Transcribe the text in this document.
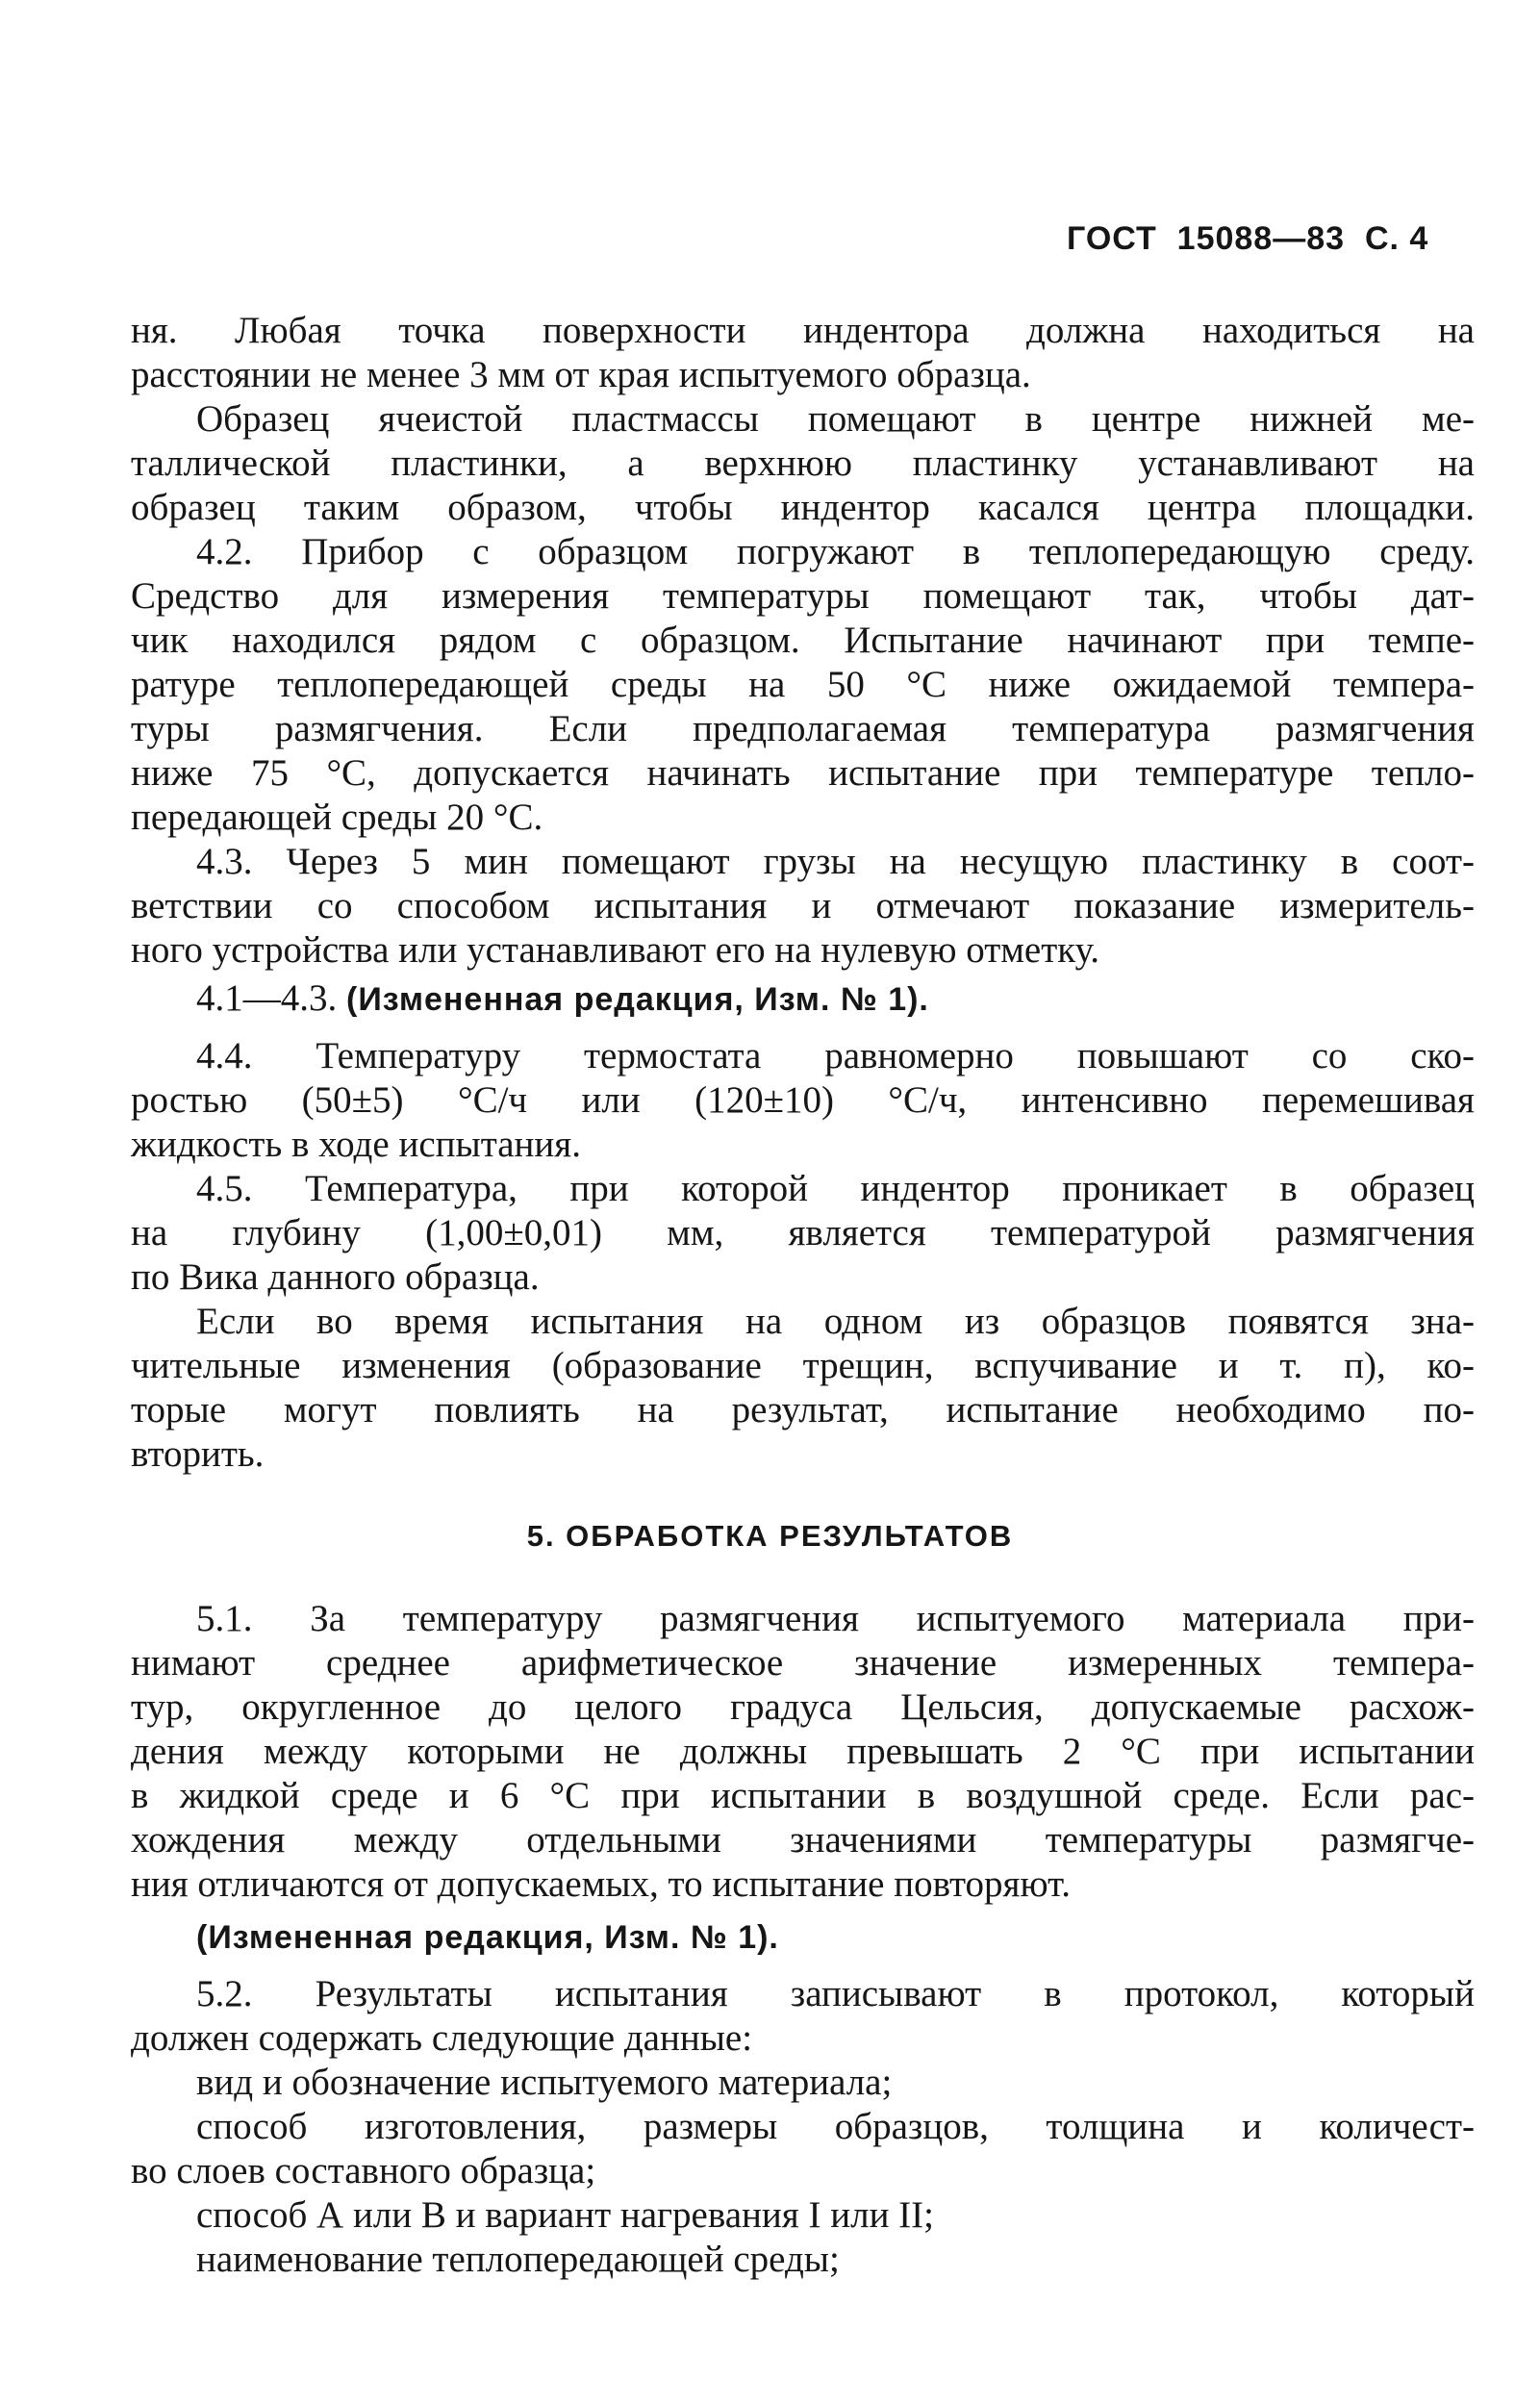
ГОСТ 15088—83 С. 4
ня. Любая точка поверхности индентора должна находиться на
расстоянии не менее 3 мм от края испытуемого образца.
Образец ячеистой пластмассы помещают в центре нижней ме-
таллической пластинки, а верхнюю пластинку устанавливают на
образец таким образом, чтобы индентор касался центра площадки.
4.2. Прибор с образцом погружают в теплопередающую среду.
Средство для измерения температуры помещают так, чтобы дат-
чик находился рядом с образцом. Испытание начинают при темпе-
ратуре теплопередающей среды на 50 °С ниже ожидаемой темпера-
туры размягчения. Если предполагаемая температура размягчения
ниже 75 °С, допускается начинать испытание при температуре тепло-
передающей среды 20 °С.
4.3. Через 5 мин помещают грузы на несущую пластинку в соот-
ветствии со способом испытания и отмечают показание измеритель-
ного устройства или устанавливают его на нулевую отметку.
4.1—4.3. (Измененная редакция, Изм. № 1).
4.4. Температуру термостата равномерно повышают со ско-
ростью (50±5) °С/ч или (120±10) °С/ч, интенсивно перемешивая
жидкость в ходе испытания.
4.5. Температура, при которой индентор проникает в образец
на глубину (1,00±0,01) мм, является температурой размягчения
по Вика данного образца.
Если во время испытания на одном из образцов появятся зна-
чительные изменения (образование трещин, вспучивание и т. п), ко-
торые могут повлиять на результат, испытание необходимо по-
вторить.
5. ОБРАБОТКА РЕЗУЛЬТАТОВ
5.1. За температуру размягчения испытуемого материала при-
нимают среднее арифметическое значение измеренных темпера-
тур, округленное до целого градуса Цельсия, допускаемые расхож-
дения между которыми не должны превышать 2 °С при испытании
в жидкой среде и 6 °С при испытании в воздушной среде. Если рас-
хождения между отдельными значениями температуры размягче-
ния отличаются от допускаемых, то испытание повторяют.
(Измененная редакция, Изм. № 1).
5.2. Результаты испытания записывают в протокол, который
должен содержать следующие данные:
вид и обозначение испытуемого материала;
способ изготовления, размеры образцов, толщина и количест-
во слоев составного образца;
способ А или В и вариант нагревания I или II;
наименование теплопередающей среды;
